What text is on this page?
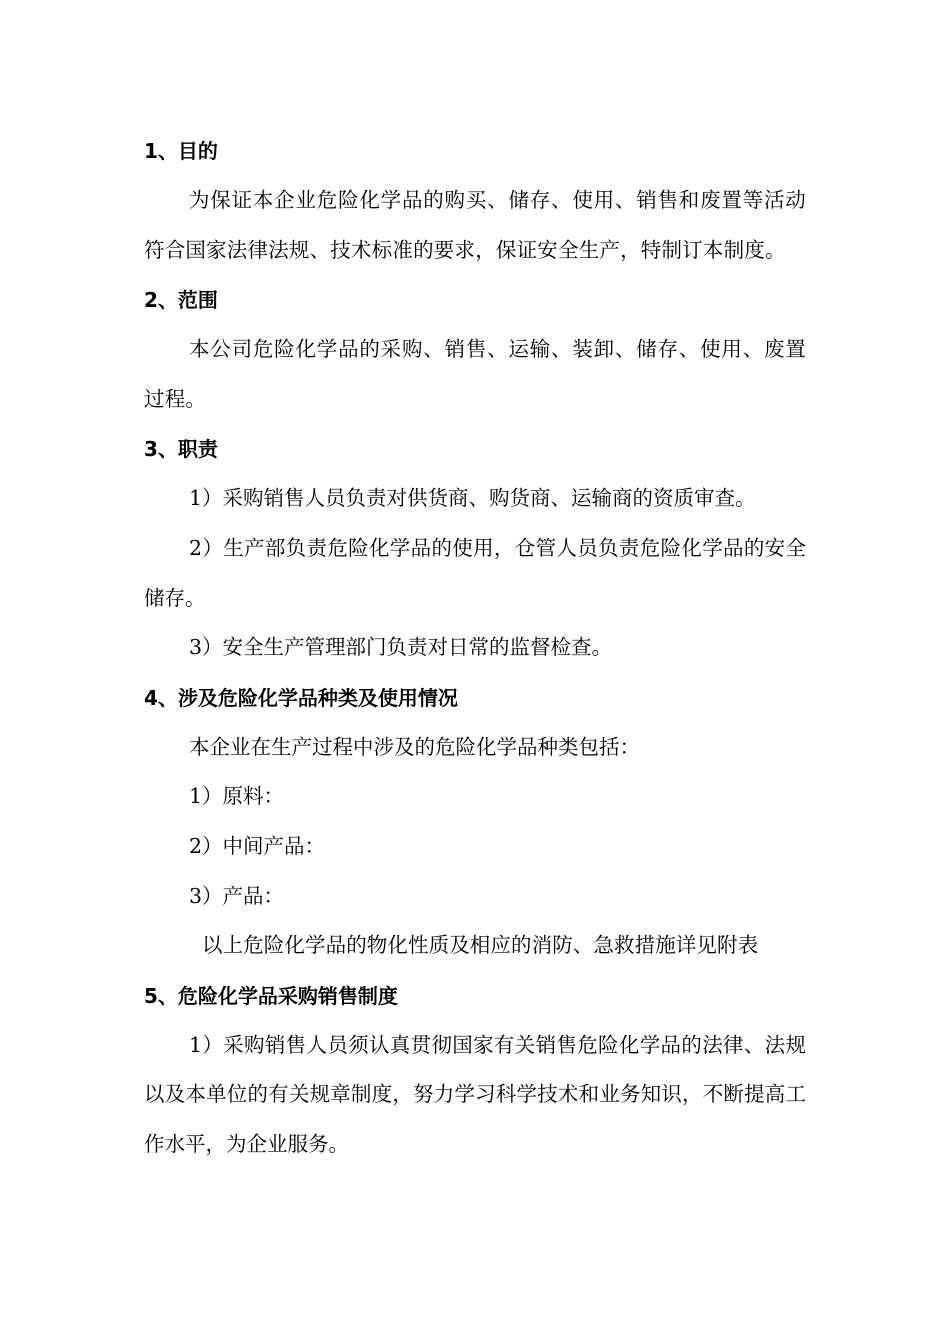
1、目的

为保证本企业危险化学品的购买、储存、使用、销售和废置等活动符合国家法律法规、技术标准的要求，保证安全生产，特制订本制度。

2、范围

本公司危险化学品的采购、销售、运输、装卸、储存、使用、废置过程。

3、职责

1）采购销售人员负责对供货商、购货商、运输商的资质审查。

2）生产部负责危险化学品的使用，仓管人员负责危险化学品的安全储存。

3）安全生产管理部门负责对日常的监督检查。

4、涉及危险化学品种类及使用情况

本企业在生产过程中涉及的危险化学品种类包括：

1）原料：

2）中间产品：

3）产品：

以上危险化学品的物化性质及相应的消防、急救措施详见附表

5、危险化学品采购销售制度

1）采购销售人员须认真贯彻国家有关销售危险化学品的法律、法规以及本单位的有关规章制度，努力学习科学技术和业务知识，不断提高工作水平，为企业服务。
